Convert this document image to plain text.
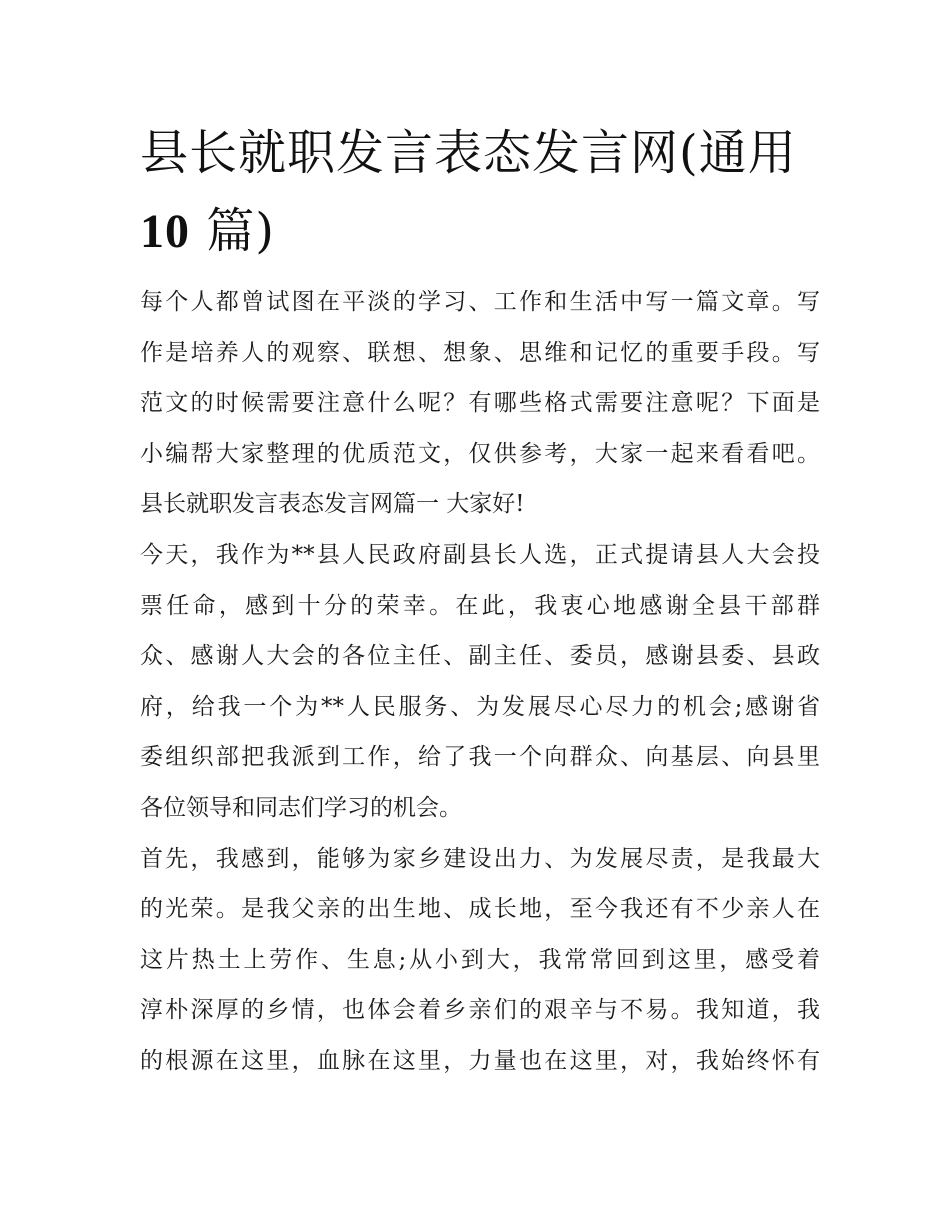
县长就职发言表态发言网(通用
10 篇)
每个人都曾试图在平淡的学习、工作和生活中写一篇文章。写
作是培养人的观察、联想、想象、思维和记忆的重要手段。写
范文的时候需要注意什么呢？有哪些格式需要注意呢？下面是
小编帮大家整理的优质范文，仅供参考，大家一起来看看吧。
县长就职发言表态发言网篇一 大家好!
今天，我作为**县人民政府副县长人选，正式提请县人大会投
票任命，感到十分的荣幸。在此，我衷心地感谢全县干部群
众、感谢人大会的各位主任、副主任、委员，感谢县委、县政
府，给我一个为**人民服务、为发展尽心尽力的机会;感谢省
委组织部把我派到工作，给了我一个向群众、向基层、向县里
各位领导和同志们学习的机会。
首先，我感到，能够为家乡建设出力、为发展尽责，是我最大
的光荣。是我父亲的出生地、成长地，至今我还有不少亲人在
这片热土上劳作、生息;从小到大，我常常回到这里，感受着
淳朴深厚的乡情，也体会着乡亲们的艰辛与不易。我知道，我
的根源在这里，血脉在这里，力量也在这里，对，我始终怀有
